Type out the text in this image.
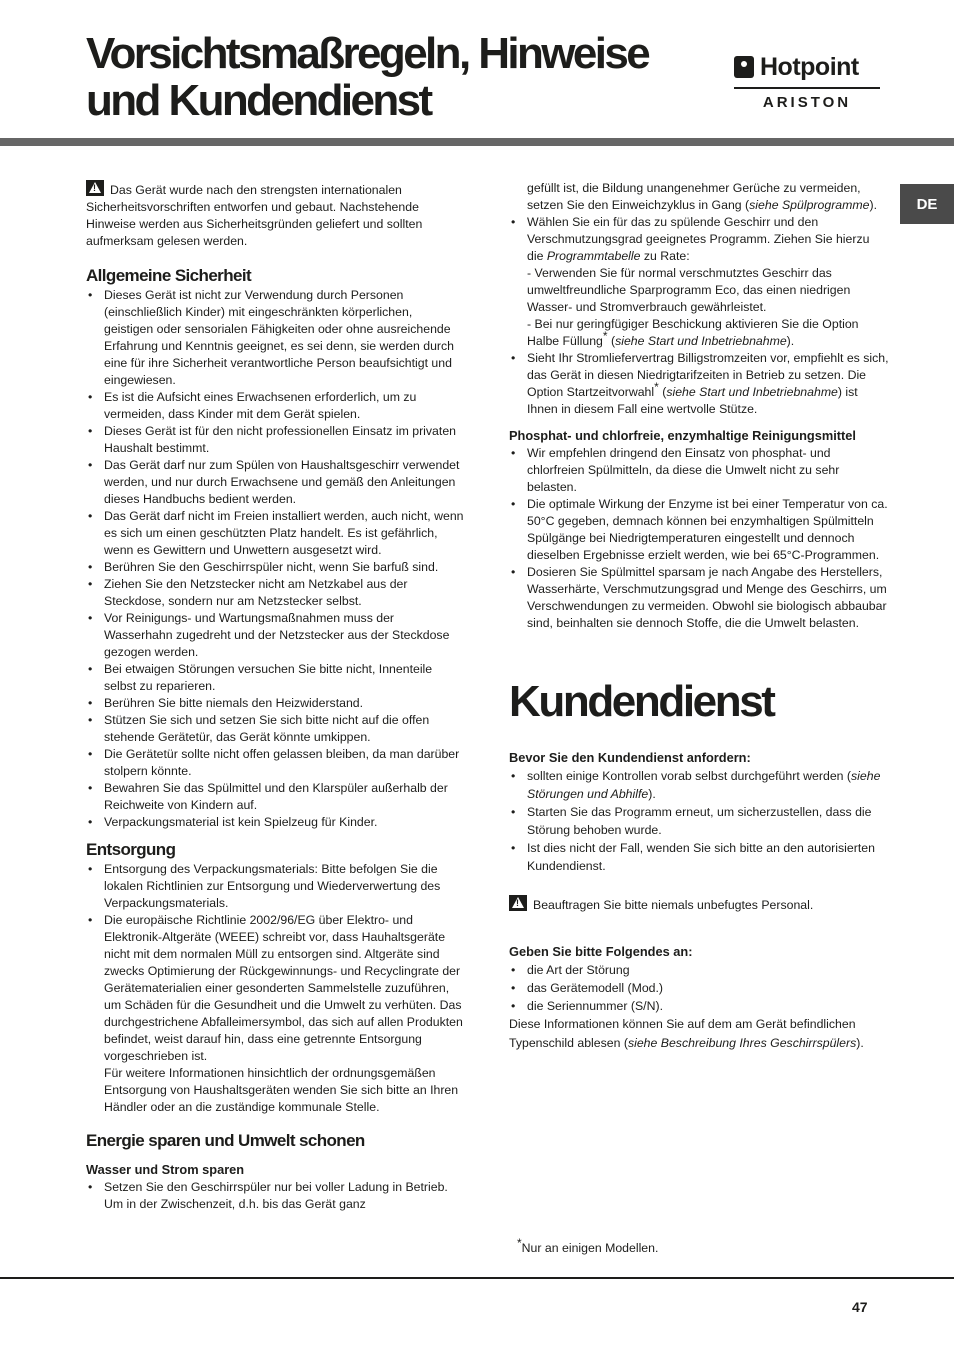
Vorsichtsmaßregeln, Hinweise
und Kundendienst
Hotpoint
ARISTON
DE

!Das Gerät wurde nach den strengsten internationalen Sicherheitsvorschriften entworfen und gebaut. Nachstehende Hinweise werden aus Sicherheitsgründen geliefert und sollten aufmerksam gelesen werden.

Allgemeine Sicherheit
• Dieses Gerät ist nicht zur Verwendung durch Personen (einschließlich Kinder) mit eingeschränkten körperlichen, geistigen oder sensorialen Fähigkeiten oder ohne ausreichende Erfahrung und Kenntnis geeignet, es sei denn, sie werden durch eine für ihre Sicherheit verantwortliche Person beaufsichtigt und eingewiesen.
• Es ist die Aufsicht eines Erwachsenen erforderlich, um zu vermeiden, dass Kinder mit dem Gerät spielen.
• Dieses Gerät ist für den nicht professionellen Einsatz im privaten Haushalt bestimmt.
• Das Gerät darf nur zum Spülen von Haushaltsgeschirr verwendet werden, und nur durch Erwachsene und gemäß den Anleitungen dieses Handbuchs bedient werden.
• Das Gerät darf nicht im Freien installiert werden, auch nicht, wenn es sich um einen geschützten Platz handelt. Es ist gefährlich, wenn es Gewittern und Unwettern ausgesetzt wird.
• Berühren Sie den Geschirrspüler nicht, wenn Sie barfuß sind.
• Ziehen Sie den Netzstecker nicht am Netzkabel aus der Steckdose, sondern nur am Netzstecker selbst.
• Vor Reinigungs- und Wartungsmaßnahmen muss der Wasserhahn zugedreht und der Netzstecker aus der Steckdose gezogen werden.
• Bei etwaigen Störungen versuchen Sie bitte nicht, Innenteile selbst zu reparieren.
• Berühren Sie bitte niemals den Heizwiderstand.
• Stützen Sie sich und setzen Sie sich bitte nicht auf die offen stehende Gerätetür, das Gerät könnte umkippen.
• Die Gerätetür sollte nicht offen gelassen bleiben, da man darüber stolpern könnte.
• Bewahren Sie das Spülmittel und den Klarspüler außerhalb der Reichweite von Kindern auf.
• Verpackungsmaterial ist kein Spielzeug für Kinder.
Entsorgung
• Entsorgung des Verpackungsmaterials: Bitte befolgen Sie die lokalen Richtlinien zur Entsorgung und Wiederverwertung des Verpackungsmaterials.
• Die europäische Richtlinie 2002/96/EG über Elektro- und Elektronik-Altgeräte (WEEE) schreibt vor, dass Hauhaltsgeräte nicht mit dem normalen Müll zu entsorgen sind. Altgeräte sind zwecks Optimierung der Rückgewinnungs- und Recyclingrate der Gerätematerialien einer gesonderten Sammelstelle zuzuführen, um Schäden für die Gesundheit und die Umwelt zu verhüten. Das durchgestrichene Abfalleimersymbol, das sich auf allen Produkten befindet, weist darauf hin, dass eine getrennte Entsorgung vorgeschrieben ist.
Für weitere Informationen hinsichtlich der ordnungsgemäßen Entsorgung von Haushaltsgeräten wenden Sie sich bitte an Ihren Händler oder an die zuständige kommunale Stelle.
Energie sparen und Umwelt schonen
Wasser und Strom sparen
• Setzen Sie den Geschirrspüler nur bei voller Ladung in Betrieb. Um in der Zwischenzeit, d.h. bis das Gerät ganz

gefüllt ist, die Bildung unangenehmer Gerüche zu vermeiden, setzen Sie den Einweichzyklus in Gang (siehe Spülprogramme).

• Wählen Sie ein für das zu spülende Geschirr und den Verschmutzungsgrad geeignetes Programm. Ziehen Sie hierzu die Programmtabelle zu Rate:
- Verwenden Sie für normal verschmutztes Geschirr das umweltfreundliche Sparprogramm Eco, das einen niedrigen Wasser- und Stromverbrauch gewährleistet.
- Bei nur geringfügiger Beschickung aktivieren Sie die Option Halbe Füllung* (siehe Start und Inbetriebnahme).
• Sieht Ihr Stromliefervertrag Billigstromzeiten vor, empfiehlt es sich, das Gerät in diesen Niedrigtarifzeiten in Betrieb zu setzen. Die Option Startzeitvorwahl* (siehe Start und Inbetriebnahme) ist Ihnen in diesem Fall eine wertvolle Stütze.
Phosphat- und chlorfreie, enzymhaltige Reinigungsmittel
• Wir empfehlen dringend den Einsatz von phosphat- und chlorfreien Spülmitteln, da diese die Umwelt nicht zu sehr belasten.
• Die optimale Wirkung der Enzyme ist bei einer Temperatur von ca. 50°C gegeben, demnach können bei enzymhaltigen Spülmitteln Spülgänge bei Niedrigtemperaturen eingestellt und dennoch dieselben Ergebnisse erzielt werden, wie bei 65°C-Programmen.
• Dosieren Sie Spülmittel sparsam je nach Angabe des Herstellers, Wasserhärte, Verschmutzungsgrad und Menge des Geschirrs, um Verschwendungen zu vermeiden. Obwohl sie biologisch abbaubar sind, beinhalten sie dennoch Stoffe, die die Umwelt belasten.
Kundendienst
Bevor Sie den Kundendienst anfordern:
• sollten einige Kontrollen vorab selbst durchgeführt werden (siehe Störungen und Abhilfe).
• Starten Sie das Programm erneut, um sicherzustellen, dass die Störung behoben wurde.
• Ist dies nicht der Fall, wenden Sie sich bitte an den autorisierten Kundendienst.

!Beauftragen Sie bitte niemals unbefugtes Personal.

Geben Sie bitte Folgendes an:
• die Art der Störung
• das Gerätemodell (Mod.)
• die Seriennummer (S/N).

Diese Informationen können Sie auf dem am Gerät befindlichen Typenschild ablesen (siehe Beschreibung Ihres Geschirrspülers).

*Nur an einigen Modellen.

47
